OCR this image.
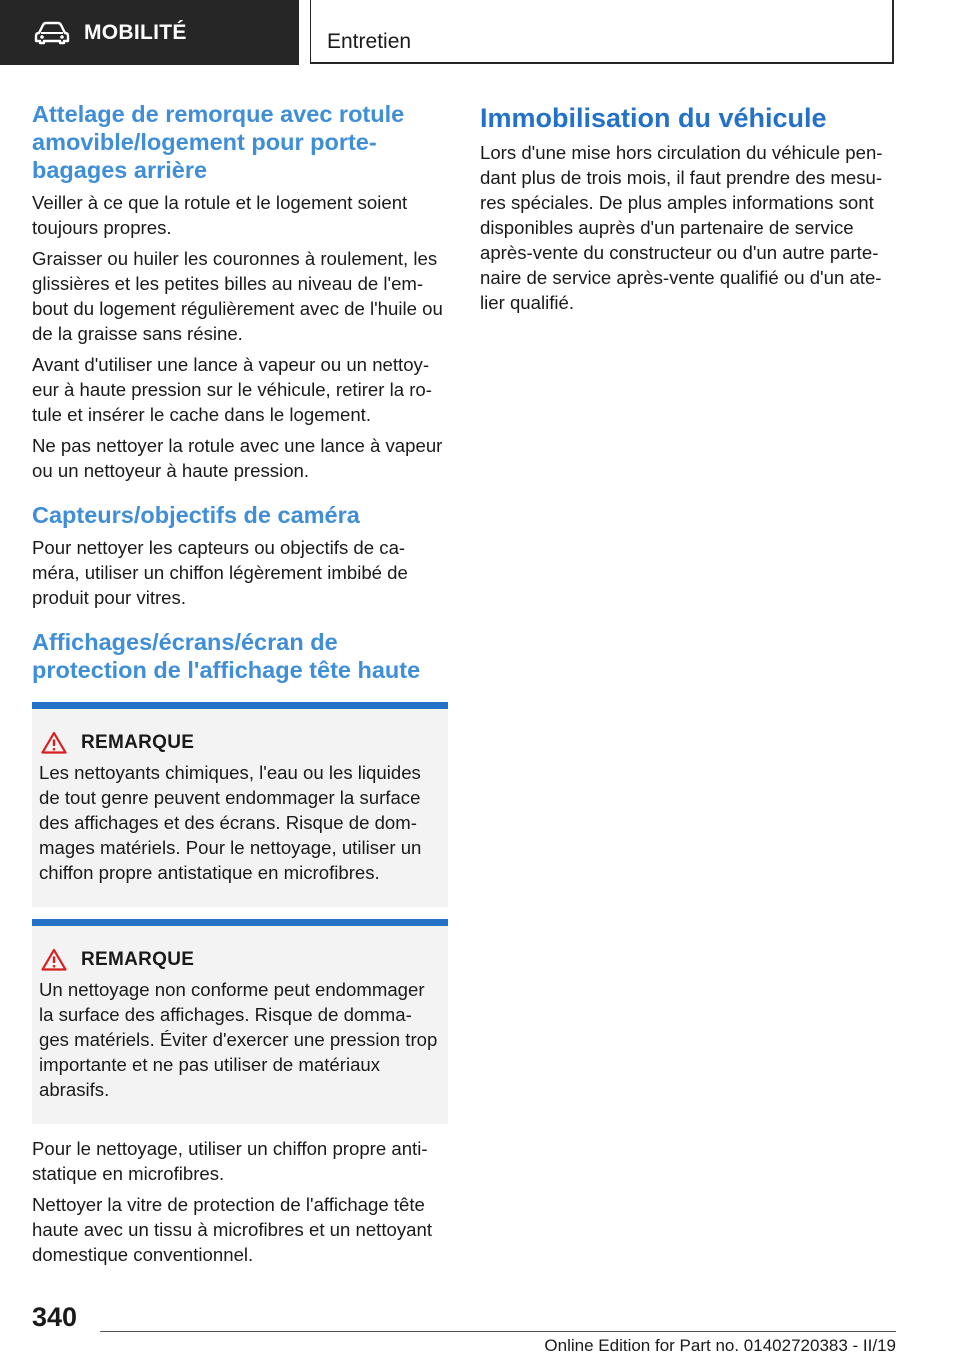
MOBILITÉ	Entretien
Attelage de remorque avec rotule amovible/logement pour porte-bagages arrière

Veiller à ce que la rotule et le logement soient toujours propres.

Graisser ou huiler les couronnes à roulement, les glissières et les petites billes au niveau de l'em-bout du logement régulièrement avec de l'huile ou de la graisse sans résine.

Avant d'utiliser une lance à vapeur ou un nettoy-eur à haute pression sur le véhicule, retirer la ro-tule et insérer le cache dans le logement.

Ne pas nettoyer la rotule avec une lance à vapeur ou un nettoyeur à haute pression.

Capteurs/objectifs de caméra

Pour nettoyer les capteurs ou objectifs de ca-méra, utiliser un chiffon légèrement imbibé de produit pour vitres.

Affichages/écrans/écran de protection de l'affichage tête haute
REMARQUE

Les nettoyants chimiques, l'eau ou les liquides de tout genre peuvent endommager la surface des affichages et des écrans. Risque de dom-mages matériels. Pour le nettoyage, utiliser un chiffon propre antistatique en microfibres.

REMARQUE

Un nettoyage non conforme peut endommager la surface des affichages. Risque de domma-ges matériels. Éviter d'exercer une pression trop importante et ne pas utiliser de matériaux abrasifs.

Pour le nettoyage, utiliser un chiffon propre anti-statique en microfibres.

Nettoyer la vitre de protection de l'affichage tête haute avec un tissu à microfibres et un nettoyant domestique conventionnel.

Immobilisation du véhicule

Lors d'une mise hors circulation du véhicule pen-dant plus de trois mois, il faut prendre des mesu-res spéciales. De plus amples informations sont disponibles auprès d'un partenaire de service après-vente du constructeur ou d'un autre parte-naire de service après-vente qualifié ou d'un ate-lier qualifié.

340
Online Edition for Part no. 01402720383 - II/19
